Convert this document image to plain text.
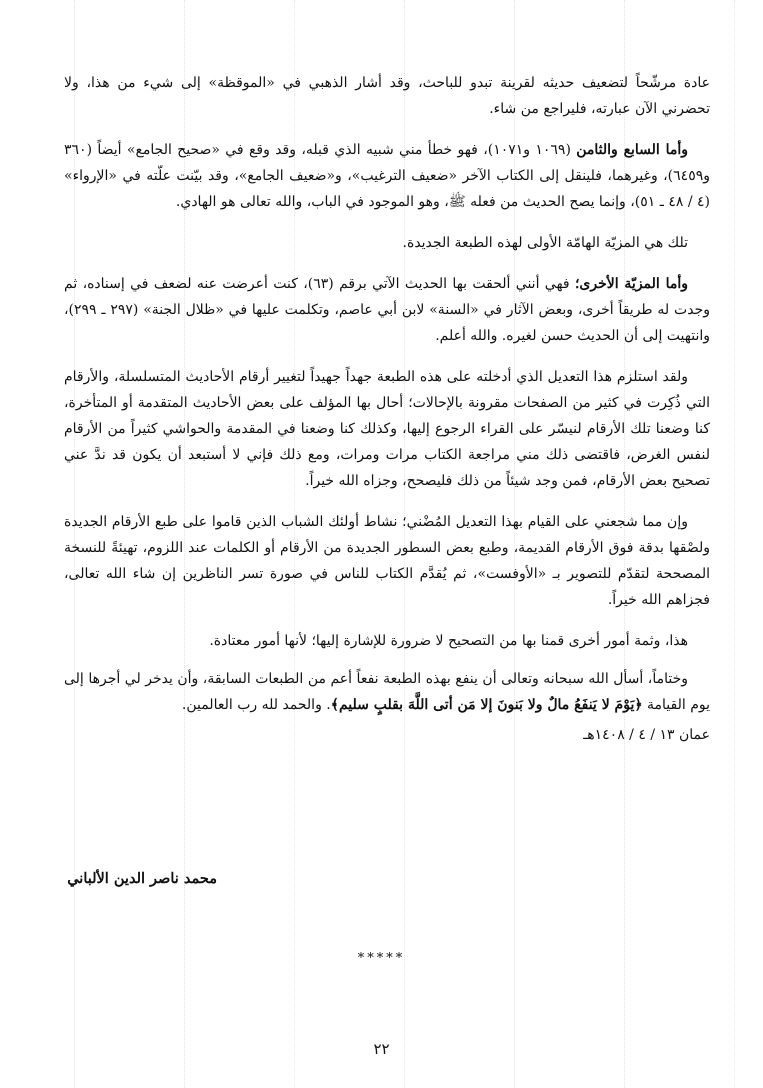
عادة مرشّحاً لتضعيف حديثه لقرينة تبدو للباحث، وقد أشار الذهبي في «الموقظة» إلى شيء من هذا، ولا تحضرني الآن عبارته، فليراجع من شاء.

وأما السابع والثامن (١٠٦٩ و١٠٧١)، فهو خطأ مني شبيه الذي قبله، وقد وقع في «صحيح الجامع» أيضاً (٣٦٠ و٦٤٥٩)، وغيرهما، فلينقل إلى الكتاب الآخر «ضعيف الترغيب»، و«ضعيف الجامع»، وقد بيّنت علّته في «الإرواء» (٤ / ٤٨ ـ ٥١)، وإنما يصح الحديث من فعله ﷺ، وهو الموجود في الباب، والله تعالى هو الهادي.

تلك هي المزيّة الهامّة الأولى لهذه الطبعة الجديدة.

وأما المزيّة الأخرى؛ فهي أنني ألحقت بها الحديث الآتي برقم (٦٣)، كنت أعرضت عنه لضعف في إسناده، ثم وجدت له طريقاً أخرى، وبعض الآثار في «السنة» لابن أبي عاصم، وتكلمت عليها في «ظلال الجنة» (٢٩٧ ـ ٢٩٩)، وانتهيت إلى أن الحديث حسن لغيره. والله أعلم.

ولقد استلزم هذا التعديل الذي أدخلته على هذه الطبعة جهداً جهيداً لتغيير أرقام الأحاديث المتسلسلة، والأرقام التي ذُكِرت في كثير من الصفحات مقرونة بالإحالات؛ أحال بها المؤلف على بعض الأحاديث المتقدمة أو المتأخرة، كنا وضعنا تلك الأرقام لنيسّر على القراء الرجوع إليها، وكذلك كنا وضعنا في المقدمة والحواشي كثيراً من الأرقام لنفس الغرض، فاقتضى ذلك مني مراجعة الكتاب مرات ومرات، ومع ذلك فإني لا أستبعد أن يكون قد ندَّ عني تصحيح بعض الأرقام، فمن وجد شيئاً من ذلك فليصحح، وجزاه الله خيراً.

وإن مما شجعني على القيام بهذا التعديل المُضْني؛ نشاط أولئك الشباب الذين قاموا على طبع الأرقام الجديدة ولصْقها بدقة فوق الأرقام القديمة، وطبع بعض السطور الجديدة من الأرقام أو الكلمات عند اللزوم، تهيئةً للنسخة المصححة لتقدّم للتصوير بـ «الأوفست»، ثم يُقدَّم الكتاب للناس في صورة تسر الناظرين إن شاء الله تعالى، فجزاهم الله خيراً.

هذا، وثمة أمور أخرى قمنا بها من التصحيح لا ضرورة للإشارة إليها؛ لأنها أمور معتادة.

وختاماً، أسأل الله سبحانه وتعالى أن ينفع بهذه الطبعة نفعاً أعم من الطبعات السابقة، وأن يدخر لي أجرها إلى يوم القيامة ﴿يَوْمَ لا يَنفَعُ مالٌ ولا بَنونَ إلا مَن أتى اللَّهَ بقلبٍ سليم﴾. والحمد لله رب العالمين.

عمان ١٣ / ٤ / ١٤٠٨هـ

محمد ناصر الدين الألباني
*****
٢٢
